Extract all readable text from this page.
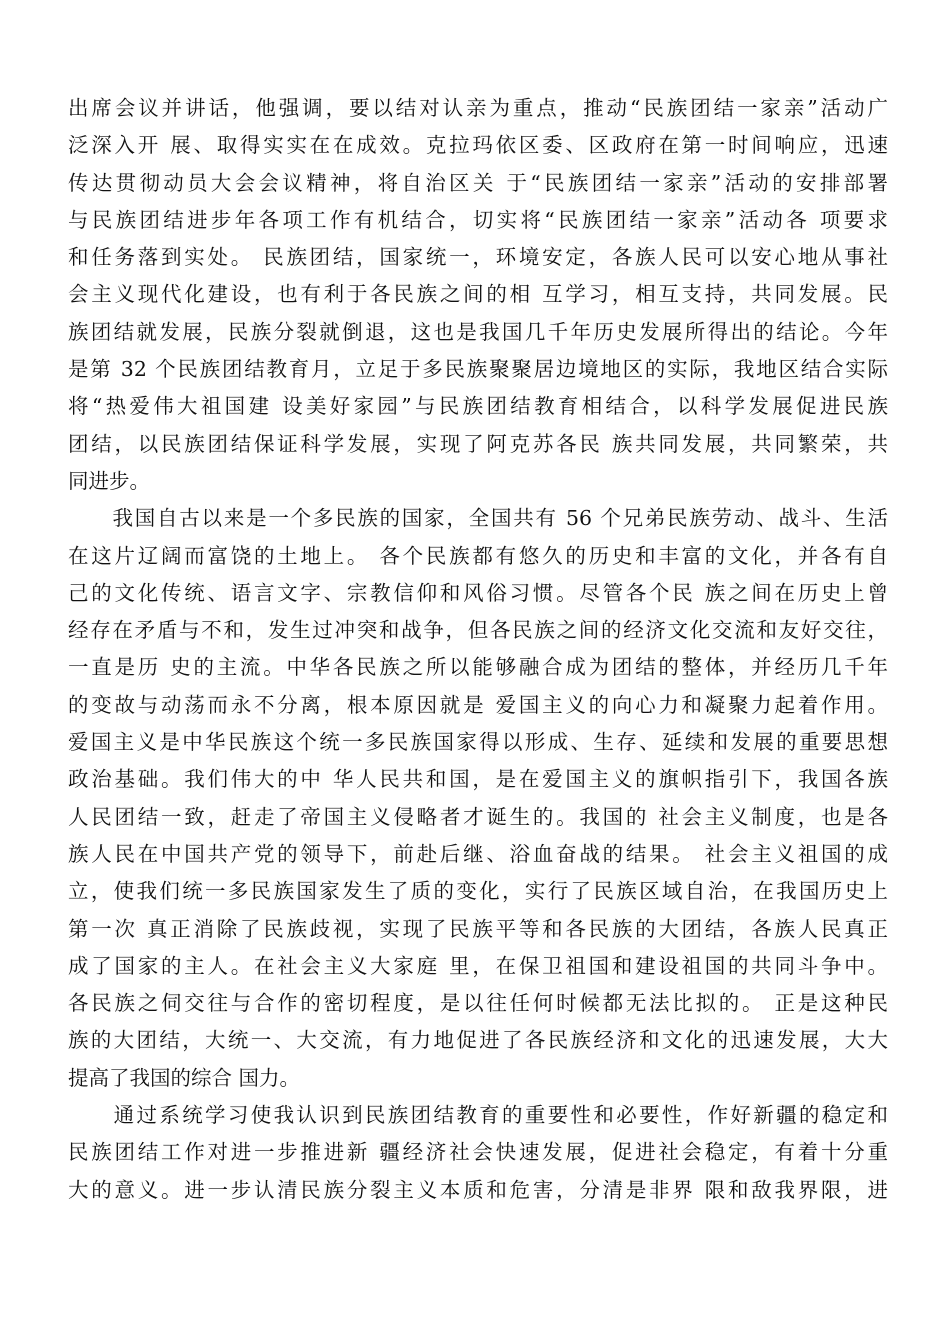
出席会议并讲话，他强调，要以结对认亲为重点，推动“民族团结一家亲”活动广
泛深入开 展、取得实实在在成效。克拉玛依区委、区政府在第一时间响应，迅速
传达贯彻动员大会会议精神，将自治区关 于“民族团结一家亲”活动的安排部署
与民族团结进步年各项工作有机结合，切实将“民族团结一家亲”活动各 项要求
和任务落到实处。 民族团结，国家统一，环境安定，各族人民可以安心地从事社
会主义现代化建设，也有利于各民族之间的相 互学习，相互支持，共同发展。民
族团结就发展，民族分裂就倒退，这也是我国几千年历史发展所得出的结论。今年
是第 32 个民族团结教育月，立足于多民族聚聚居边境地区的实际，我地区结合实际
将“热爱伟大祖国建 设美好家园”与民族团结教育相结合，以科学发展促进民族
团结，以民族团结保证科学发展，实现了阿克苏各民 族共同发展，共同繁荣，共
同进步。
　　我国自古以来是一个多民族的国家，全国共有 56 个兄弟民族劳动、战斗、生活
在这片辽阔而富饶的土地上。 各个民族都有悠久的历史和丰富的文化，并各有自
己的文化传统、语言文字、宗教信仰和风俗习惯。尽管各个民 族之间在历史上曾
经存在矛盾与不和，发生过冲突和战争，但各民族之间的经济文化交流和友好交往，
一直是历 史的主流。中华各民族之所以能够融合成为团结的整体，并经历几千年
的变故与动荡而永不分离，根本原因就是 爱国主义的向心力和凝聚力起着作用。
爱国主义是中华民族这个统一多民族国家得以形成、生存、延续和发展的重要思想
政治基础。我们伟大的中 华人民共和国，是在爱国主义的旗帜指引下，我国各族
人民团结一致，赶走了帝国主义侵略者才诞生的。我国的 社会主义制度，也是各
族人民在中国共产党的领导下，前赴后继、浴血奋战的结果。 社会主义祖国的成
立，使我们统一多民族国家发生了质的变化，实行了民族区域自治，在我国历史上
第一次 真正消除了民族歧视，实现了民族平等和各民族的大团结，各族人民真正
成了国家的主人。在社会主义大家庭 里，在保卫祖国和建设祖国的共同斗争中。
各民族之伺交往与合作的密切程度，是以往任何时候都无法比拟的。 正是这种民
族的大团结，大统一、大交流，有力地促进了各民族经济和文化的迅速发展，大大
提高了我国的综合 国力。
　　通过系统学习使我认识到民族团结教育的重要性和必要性，作好新疆的稳定和
民族团结工作对进一步推进新 疆经济社会快速发展，促进社会稳定，有着十分重
大的意义。进一步认清民族分裂主义本质和危害，分清是非界 限和敌我界限，进
